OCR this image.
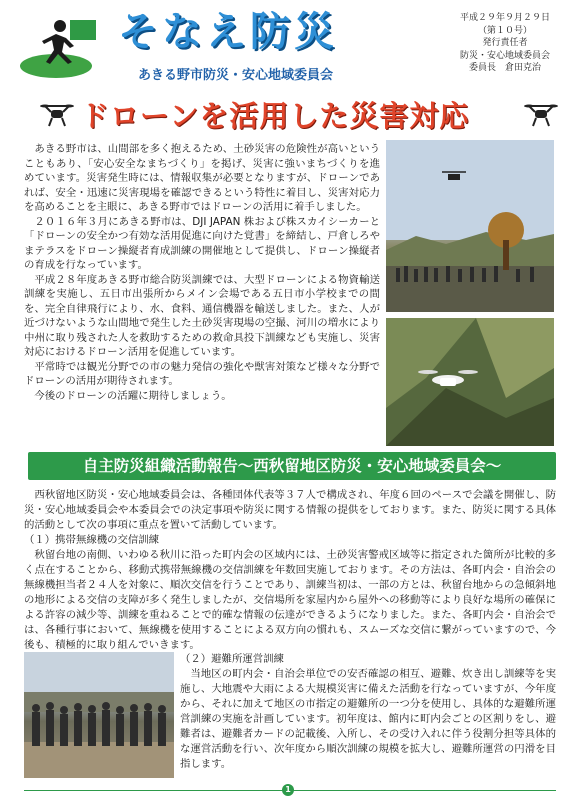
そなえ防災
あきる野市防災・安心地域委員会
平成２９年９月２９日
（第１０号）
発行責任者
防災・安心地域委員会
委員長　倉田克治
ドローンを活用した災害対応

あきる野市は、山間部を多く抱えるため、土砂災害の危険性が高いということもあり、「安心安全なまちづくり」を掲げ、災害に強いまちづくりを進めています。災害発生時には、情報収集が必要となりますが、ドローンであれば、安全・迅速に災害現場を確認できるという特性に着目し、災害対応力を高めることを主眼に、あきる野市ではドローンの活用に着手しました。

２０１６年３月にあきる野市は、DJI JAPAN 株および株スカイシーカーと「ドローンの安全かつ有効な活用促進に向けた覚書」を締結し、戸倉しろやまテラスをドローン操縦者育成訓練の開催地として提供し、ドローン操縦者の育成を行なっています。

平成２８年度あきる野市総合防災訓練では、大型ドローンによる物資輸送訓練を実施し、五日市出張所からメイン会場である五日市小学校までの間を、完全自律飛行により、水、食料、通信機器を輸送しました。また、人が近づけないような山間地で発生した土砂災害現場の空撮、河川の増水により中州に取り残された人を救助するための救命具投下訓練なども実施し、災害対応におけるドローン活用を促進しています。

平常時では観光分野での市の魅力発信の強化や獣害対策など様々な分野でドローンの活用が期待されます。

今後のドローンの活躍に期待しましょう。

自主防災組織活動報告～西秋留地区防災・安心地域委員会～

西秋留地区防災・安心地域委員会は、各種団体代表等３７人で構成され、年度６回のペースで会議を開催し、防災・安心地域委員会や本委員会での決定事項や防災に関する情報の提供をしております。また、防災に関する具体的活動として次の事項に重点を置いて活動しています。

（１）携帯無線機の交信訓練

秋留台地の南側、いわゆる秋川に沿った町内会の区域内には、土砂災害警戒区域等に指定された箇所が比較的多く点在することから、移動式携帯無線機の交信訓練を年数回実施しております。その方法は、各町内会・自治会の無線機担当者２４人を対象に、順次交信を行うことであり、訓練当初は、一部の方とは、秋留台地からの急傾斜地の地形による交信の支障が多く発生しましたが、交信場所を家屋内から屋外への移動等により良好な場所の確保による許容の減少等、訓練を重ねることで的確な情報の伝達ができるようになりました。また、各町内会・自治会では、各種行事において、無線機を使用することによる双方向の慣れも、スムーズな交信に繋がっていますので、今後も、積極的に取り組んでいきます。

（２）避難所運営訓練

当地区の町内会・自治会単位での安否確認の相互、避難、炊き出し訓練等を実施し、大地震や大雨による大規模災害に備えた活動を行なっていますが、今年度から、それに加えて地区の市指定の避難所の一つ分を使用し、具体的な避難所運営訓練の実施を計画しています。初年度は、館内に町内会ごとの区割りをし、避難者は、避難者カードの記載後、入所し、その受け入れに伴う役割分担等具体的な運営活動を行い、次年度から順次訓練の規模を拡大し、避難所運営の円滑を目指します。

1
